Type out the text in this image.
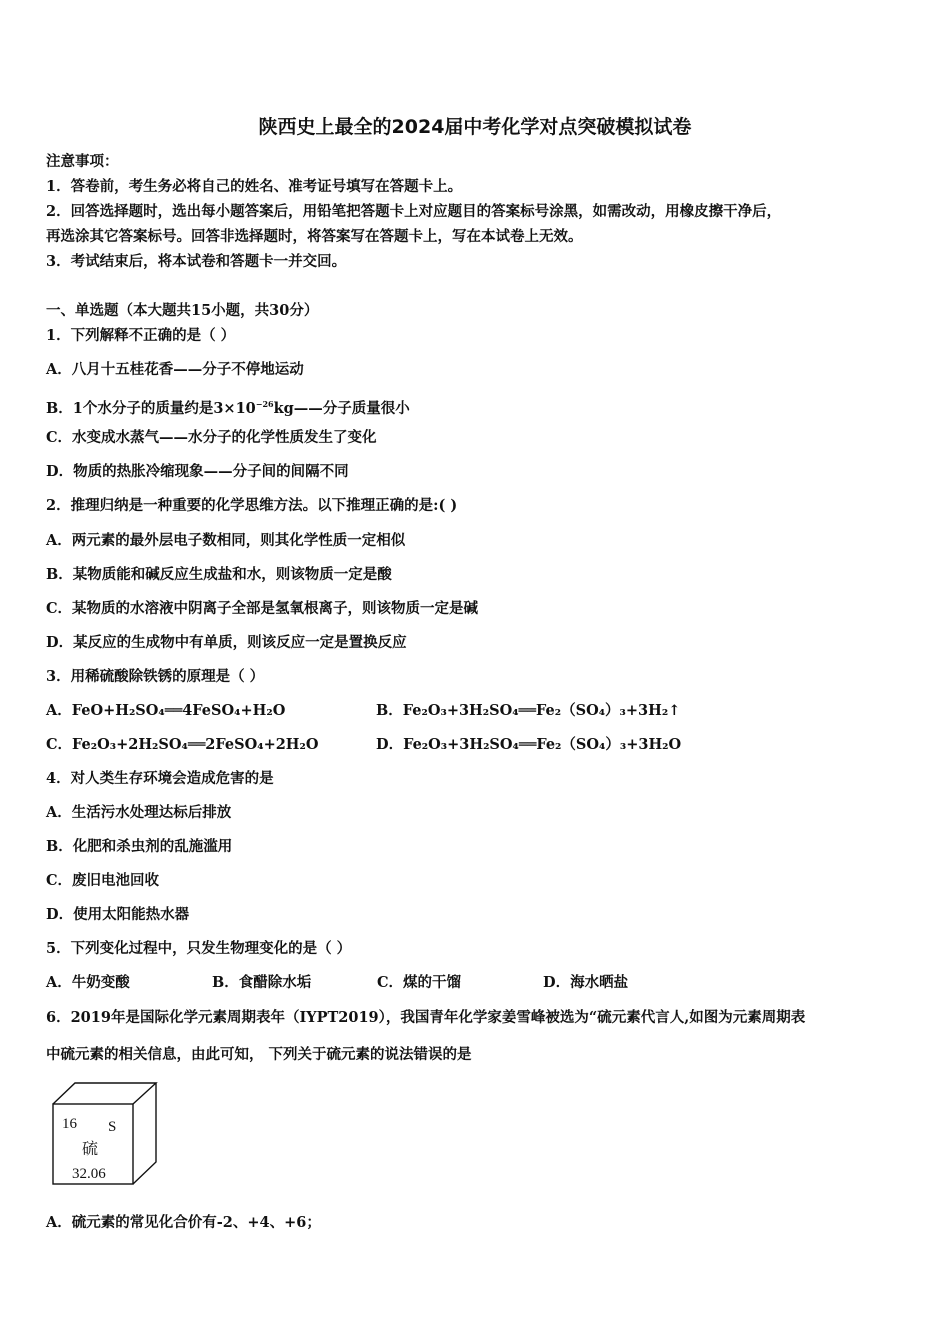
陕西史上最全的2024届中考化学对点突破模拟试卷
注意事项：
1．答卷前，考生务必将自己的姓名、准考证号填写在答题卡上。
2．回答选择题时，选出每小题答案后，用铅笔把答题卡上对应题目的答案标号涂黑，如需改动，用橡皮擦干净后，
再选涂其它答案标号。回答非选择题时，将答案写在答题卡上，写在本试卷上无效。
3．考试结束后，将本试卷和答题卡一并交回。
一、单选题（本大题共15小题，共30分）
1．下列解释不正确的是（ ）
A．八月十五桂花香——分子不停地运动
B．1个水分子的质量约是$3\times 10^{-26}kg——$分子质量很小
C．水变成水蒸气——水分子的化学性质发生了变化
D．物质的热胀冷缩现象——分子间的间隔不同
2．推理归纳是一种重要的化学思维方法。以下推理正确的是:( )
A．两元素的最外层电子数相同，则其化学性质一定相似
B．某物质能和碱反应生成盐和水，则该物质一定是酸
C．某物质的水溶液中阴离子全部是氢氧根离子，则该物质一定是碱
D．某反应的生成物中有单质，则该反应一定是置换反应
3．用稀硫酸除铁锈的原理是（ ）
A．FeO+H₂SO₄══4FeSO₄+H₂O	B．Fe₂O₃+3H₂SO₄══Fe₂（SO₄）₃+3H₂↑
C．Fe₂O₃+2H₂SO₄══2FeSO₄+2H₂O	D．Fe₂O₃+3H₂SO₄══Fe₂（SO₄）₃+3H₂O
4．对人类生存环境会造成危害的是
A．生活污水处理达标后排放
B．化肥和杀虫剂的乱施滥用
C．废旧电池回收
D．使用太阳能热水器
5．下列变化过程中，只发生物理变化的是（ ）
A．牛奶变酸	B．食醋除水垢	C．煤的干馏	D．海水晒盐
6．2019年是国际化学元素周期表年（IYPT2019），我国青年化学家姜雪峰被选为“硫元素代言人,如图为元素周期表
中硫元素的相关信息，由此可知， 下列关于硫元素的说法错误的是
16 S
硫
32.06
A．硫元素的常见化合价有-2、+4、+6；
